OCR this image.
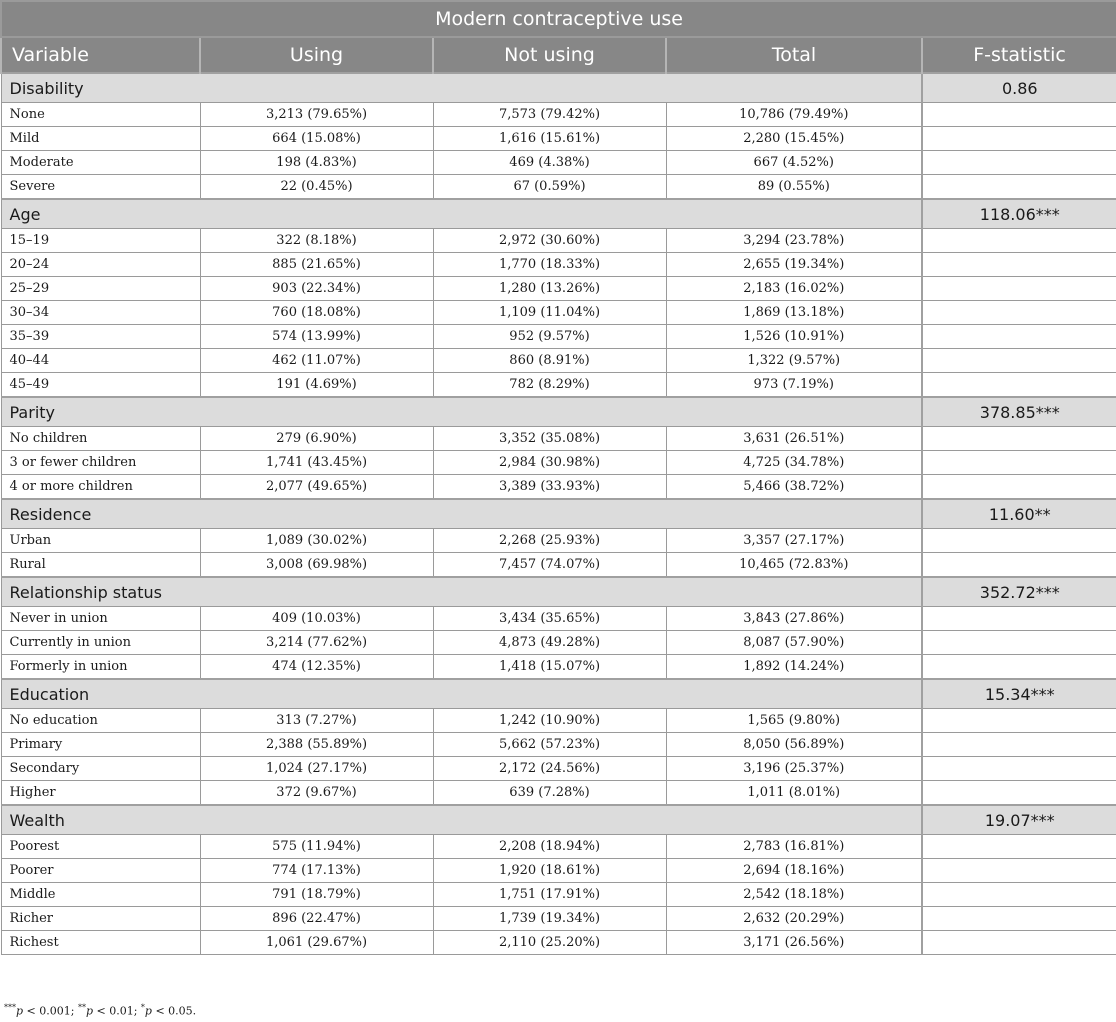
Modern contraceptive use				
Variable	Using	Not using	Total	F-statistic
Disability				0.86
None	3,213 (79.65%)	7,573 (79.42%)	10,786 (79.49%)	
Mild	664 (15.08%)	1,616 (15.61%)	2,280 (15.45%)	
Moderate	198 (4.83%)	469 (4.38%)	667 (4.52%)	
Severe	22 (0.45%)	67 (0.59%)	89 (0.55%)	
Age				118.06***
15–19	322 (8.18%)	2,972 (30.60%)	3,294 (23.78%)	
20–24	885 (21.65%)	1,770 (18.33%)	2,655 (19.34%)	
25–29	903 (22.34%)	1,280 (13.26%)	2,183 (16.02%)	
30–34	760 (18.08%)	1,109 (11.04%)	1,869 (13.18%)	
35–39	574 (13.99%)	952 (9.57%)	1,526 (10.91%)	
40–44	462 (11.07%)	860 (8.91%)	1,322 (9.57%)	
45–49	191 (4.69%)	782 (8.29%)	973 (7.19%)	
Parity				378.85***
No children	279 (6.90%)	3,352 (35.08%)	3,631 (26.51%)	
3 or fewer children	1,741 (43.45%)	2,984 (30.98%)	4,725 (34.78%)	
4 or more children	2,077 (49.65%)	3,389 (33.93%)	5,466 (38.72%)	
Residence				11.60**
Urban	1,089 (30.02%)	2,268 (25.93%)	3,357 (27.17%)	
Rural	3,008 (69.98%)	7,457 (74.07%)	10,465 (72.83%)	
Relationship status				352.72***
Never in union	409 (10.03%)	3,434 (35.65%)	3,843 (27.86%)	
Currently in union	3,214 (77.62%)	4,873 (49.28%)	8,087 (57.90%)	
Formerly in union	474 (12.35%)	1,418 (15.07%)	1,892 (14.24%)	
Education				15.34***
No education	313 (7.27%)	1,242 (10.90%)	1,565 (9.80%)	
Primary	2,388 (55.89%)	5,662 (57.23%)	8,050 (56.89%)	
Secondary	1,024 (27.17%)	2,172 (24.56%)	3,196 (25.37%)	
Higher	372 (9.67%)	639 (7.28%)	1,011 (8.01%)	
Wealth				19.07***
Poorest	575 (11.94%)	2,208 (18.94%)	2,783 (16.81%)	
Poorer	774 (17.13%)	1,920 (18.61%)	2,694 (18.16%)	
Middle	791 (18.79%)	1,751 (17.91%)	2,542 (18.18%)	
Richer	896 (22.47%)	1,739 (19.34%)	2,632 (20.29%)	
Richest	1,061 (29.67%)	2,110 (25.20%)	3,171 (26.56%)	
***p < 0.001; **p < 0.01; *p < 0.05.
